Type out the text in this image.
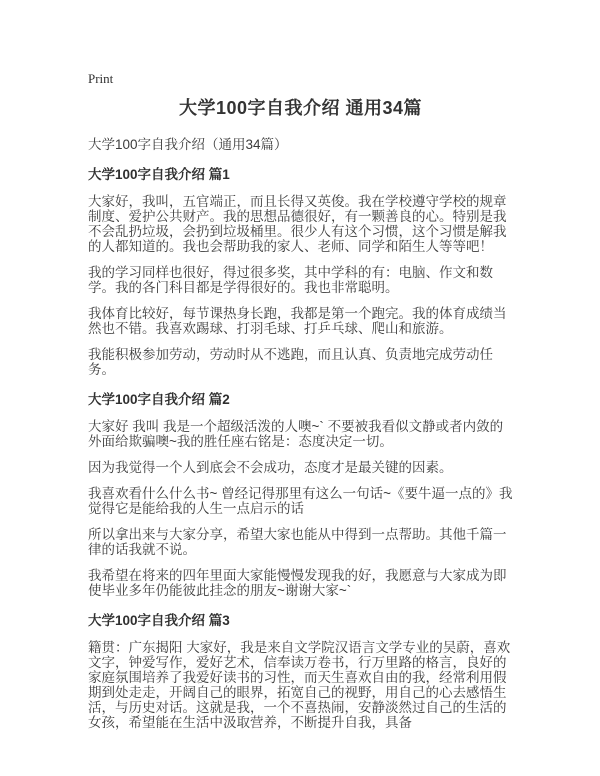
Print
大学100字自我介绍 通用34篇
大学100字自我介绍（通用34篇）
大学100字自我介绍 篇1

大家好，我叫，五官端正，而且长得又英俊。我在学校遵守学校的规章制度、爱护公共财产。我的思想品德很好，有一颗善良的心。特别是我不会乱扔垃圾，会扔到垃圾桶里。很少人有这个习惯，这个习惯是解我的人都知道的。我也会帮助我的家人、老师、同学和陌生人等等吧！

我的学习同样也很好，得过很多奖，其中学科的有：电脑、作文和数学。我的各门科目都是学得很好的。我也非常聪明。

我体育比较好，每节课热身长跑，我都是第一个跑完。我的体育成绩当然也不错。我喜欢踢球、打羽毛球、打乒乓球、爬山和旅游。

我能积极参加劳动，劳动时从不逃跑，而且认真、负责地完成劳动任务。

大学100字自我介绍 篇2

大家好 我叫 我是一个超级活泼的人噢~` 不要被我看似文静或者内敛的外面给欺骗噢~我的胜任座右铭是：态度决定一切。

因为我觉得一个人到底会不会成功，态度才是最关键的因素。

我喜欢看什么什么书~ 曾经记得那里有这么一句话~《要牛逼一点的》我觉得它是能给我的人生一点启示的话

所以拿出来与大家分享，希望大家也能从中得到一点帮助。其他千篇一律的话我就不说。

我希望在将来的四年里面大家能慢慢发现我的好，我愿意与大家成为即使毕业多年仍能彼此挂念的朋友~谢谢大家~`

大学100字自我介绍 篇3

籍贯：广东揭阳 大家好，我是来自文学院汉语言文学专业的吴蔚，喜欢文字，钟爱写作，爱好艺术，信奉读万卷书，行万里路的格言，良好的家庭氛围培养了我爱好读书的习性，而天生喜欢自由的我，经常利用假期到处走走，开阔自己的眼界，拓宽自己的视野，用自己的心去感悟生活，与历史对话。这就是我，一个不喜热闹，安静淡然过自己的生活的女孩，希望能在生活中汲取营养，不断提升自我，具备
